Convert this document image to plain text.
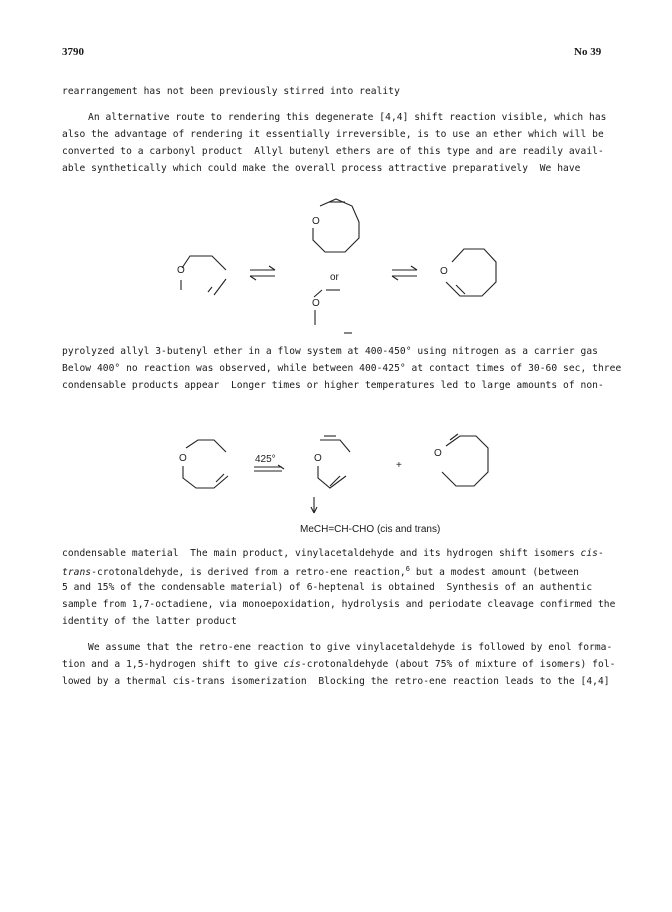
3790	No 39
rearrangement has not been previously stirred into reality
An alternative route to rendering this degenerate [4,4] shift reaction visible, which has
also the advantage of rendering it essentially irreversible, is to use an ether which will be
converted to a carbonyl product  Allyl butenyl ethers are of this type and are readily avail-
able synthetically which could make the overall process attractive preparatively  We have
O
O
or
O
O
O	425°	O
+
O
MeCH=CH-CHO (cis and trans)
pyrolyzed allyl 3-butenyl ether in a flow system at 400-450° using nitrogen as a carrier gas
Below 400° no reaction was observed, while between 400-425° at contact times of 30-60 sec, three
condensable products appear  Longer times or higher temperatures led to large amounts of non-
condensable material  The main product, vinylacetaldehyde and its hydrogen shift isomers cis-
trans-crotonaldehyde, is derived from a retro-ene reaction,$^6$ but a modest amount (between
5 and 15% of the condensable material) of 6-heptenal is obtained  Synthesis of an authentic
sample from 1,7-octadiene, via monoepoxidation, hydrolysis and periodate cleavage confirmed the
identity of the latter product
We assume that the retro-ene reaction to give vinylacetaldehyde is followed by enol forma-
tion and a 1,5-hydrogen shift to give cis-crotonaldehyde (about 75% of mixture of isomers) fol-
lowed by a thermal cis-trans isomerization  Blocking the retro-ene reaction leads to the [4,4]
